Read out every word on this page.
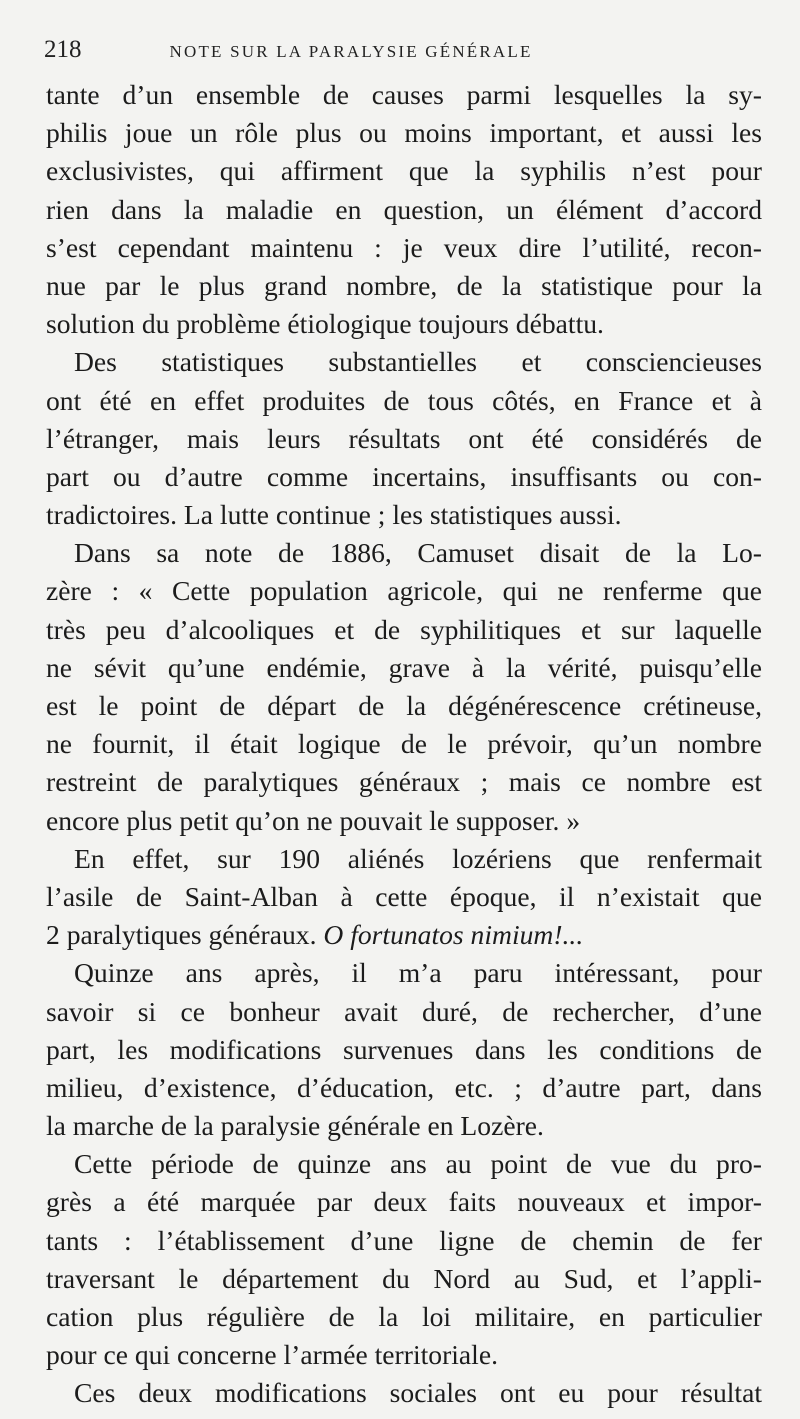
218	NOTE SUR LA PARALYSIE GÉNÉRALE
tante d’un ensemble de causes parmi lesquelles la sy-
philis joue un rôle plus ou moins important, et aussi les
exclusivistes, qui affirment que la syphilis n’est pour
rien dans la maladie en question, un élément d’accord
s’est cependant maintenu : je veux dire l’utilité, recon-
nue par le plus grand nombre, de la statistique pour la
solution du problème étiologique toujours débattu.
Des statistiques substantielles et consciencieuses
ont été en effet produites de tous côtés, en France et à
l’étranger, mais leurs résultats ont été considérés de
part ou d’autre comme incertains, insuffisants ou con-
tradictoires. La lutte continue ; les statistiques aussi.
Dans sa note de 1886, Camuset disait de la Lo-
zère : « Cette population agricole, qui ne renferme que
très peu d’alcooliques et de syphilitiques et sur laquelle
ne sévit qu’une endémie, grave à la vérité, puisqu’elle
est le point de départ de la dégénérescence crétineuse,
ne fournit, il était logique de le prévoir, qu’un nombre
restreint de paralytiques généraux ; mais ce nombre est
encore plus petit qu’on ne pouvait le supposer. »
En effet, sur 190 aliénés lozériens que renfermait
l’asile de Saint-Alban à cette époque, il n’existait que
2 paralytiques généraux. O fortunatos nimium!...
Quinze ans après, il m’a paru intéressant, pour
savoir si ce bonheur avait duré, de rechercher, d’une
part, les modifications survenues dans les conditions de
milieu, d’existence, d’éducation, etc. ; d’autre part, dans
la marche de la paralysie générale en Lozère.
Cette période de quinze ans au point de vue du pro-
grès a été marquée par deux faits nouveaux et impor-
tants : l’établissement d’une ligne de chemin de fer
traversant le département du Nord au Sud, et l’appli-
cation plus régulière de la loi militaire, en particulier
pour ce qui concerne l’armée territoriale.
Ces deux modifications sociales ont eu pour résultat
